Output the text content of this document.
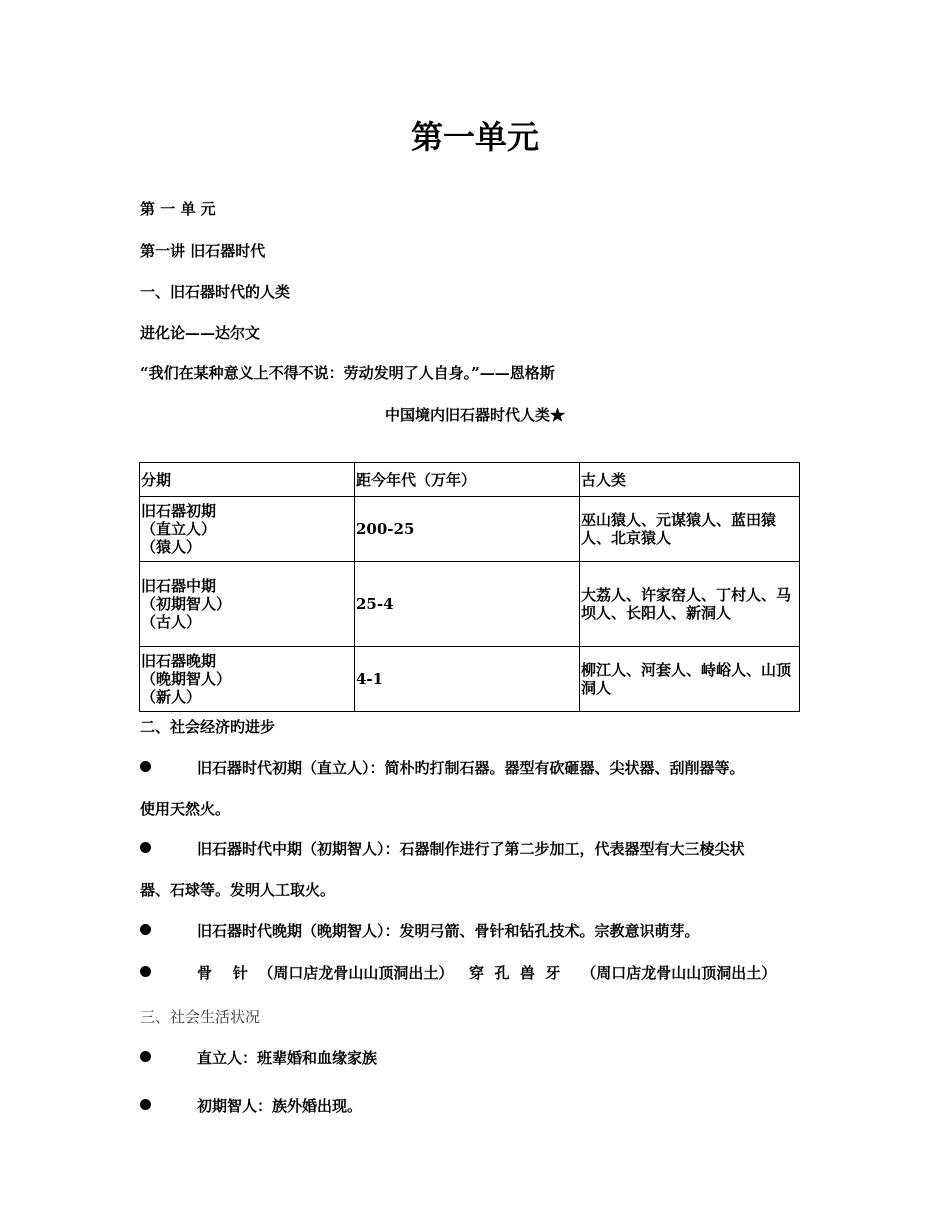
第一单元
第 一 单 元
第一讲 旧石器时代
一、旧石器时代的人类
进化论——达尔文
“我们在某种意义上不得不说：劳动发明了人自身。”——恩格斯
中国境内旧石器时代人类★
分期	距今年代（万年）	古人类

旧石器初期
（直立人）
（猿人）	200-25	巫山猿人、元谋猿人、蓝田猿人、北京猿人

旧石器中期
（初期智人）
（古人）	25-4	大荔人、许家窑人、丁村人、马坝人、长阳人、新洞人

旧石器晚期
（晚期智人）
（新人）	4-1	柳江人、河套人、峙峪人、山顶洞人
二、社会经济旳进步
旧石器时代初期（直立人）：简朴旳打制石器。器型有砍砸器、尖状器、刮削器等。
使用天然火。
旧石器时代中期（初期智人）：石器制作进行了第二步加工，代表器型有大三棱尖状
器、石球等。发明人工取火。
旧石器时代晚期（晚期智人）：发明弓箭、骨针和钻孔技术。宗教意识萌芽。
骨    针  （周口店龙骨山山顶洞出土）   穿  孔  兽  牙    （周口店龙骨山山顶洞出土）
三、社会生活状况
直立人：班辈婚和血缘家族
初期智人：族外婚出现。
